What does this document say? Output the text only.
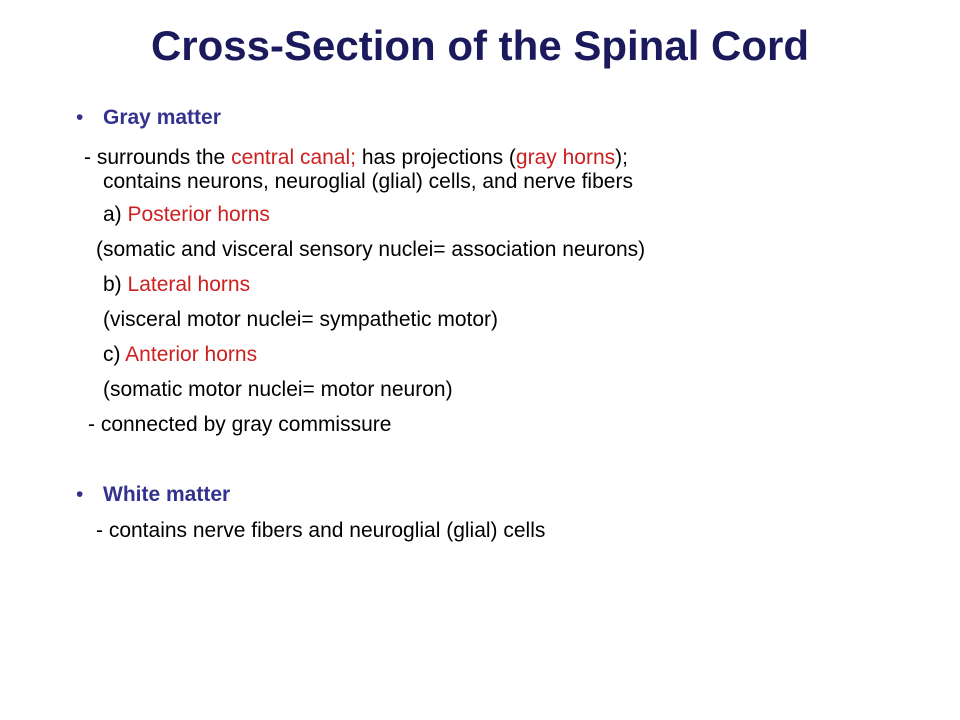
Cross-Section of the Spinal Cord
• Gray matter
- surrounds the central canal; has projections (gray horns);
contains neurons, neuroglial (glial) cells, and nerve fibers
a) Posterior horns
(somatic and visceral sensory nuclei= association neurons)
b) Lateral horns
(visceral motor nuclei= sympathetic motor)
c) Anterior horns
(somatic motor nuclei= motor neuron)
- connected by gray commissure
• White matter
- contains nerve fibers and neuroglial (glial) cells
